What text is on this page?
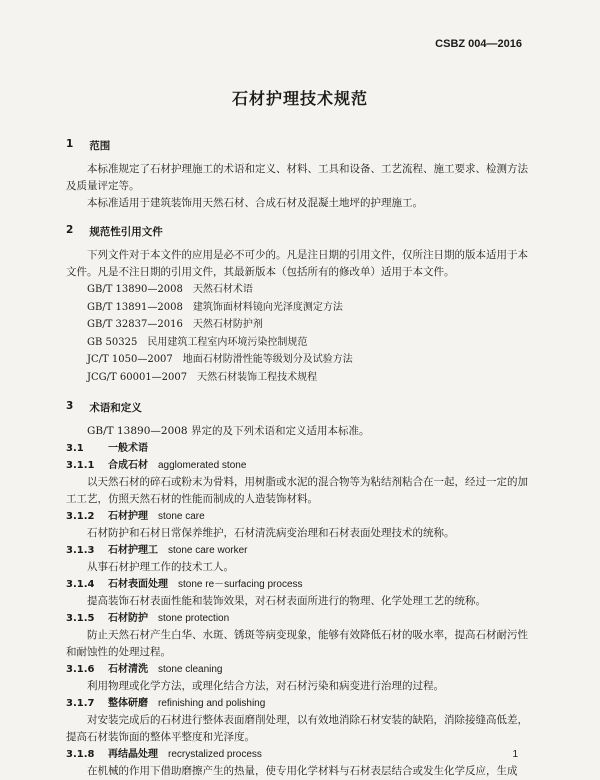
CSBZ 004—2016
石材护理技术规范
1 范围

本标准规定了石材护理施工的术语和定义、材料、工具和设备、工艺流程、施工要求、检测方法及质量评定等。

本标准适用于建筑装饰用天然石材、合成石材及混凝土地坪的护理施工。

2 规范性引用文件

下列文件对于本文件的应用是必不可少的。凡是注日期的引用文件，仅所注日期的版本适用于本文件。凡是不注日期的引用文件，其最新版本（包括所有的修改单）适用于本文件。

GB/T 13890—2008　天然石材术语
GB/T 13891—2008　建筑饰面材料镜向光泽度测定方法
GB/T 32837—2016　天然石材防护剂
GB 50325　民用建筑工程室内环境污染控制规范
JC/T 1050—2007　地面石材防滑性能等级划分及试验方法
JCG/T 60001—2007　天然石材装饰工程技术规程
3 术语和定义

GB/T 13890—2008 界定的及下列术语和定义适用本标准。

3.1 一般术语
3.1.1 合成石材 agglomerated stone

以天然石材的碎石或粉末为骨料，用树脂或水泥的混合物等为粘结剂粘合在一起，经过一定的加工工艺，仿照天然石材的性能而制成的人造装饰材料。

3.1.2 石材护理 stone care

石材防护和石材日常保养维护，石材清洗病变治理和石材表面处理技术的统称。

3.1.3 石材护理工 stone care worker

从事石材护理工作的技术工人。

3.1.4 石材表面处理 stone re－surfacing process

提高装饰石材表面性能和装饰效果，对石材表面所进行的物理、化学处理工艺的统称。

3.1.5 石材防护 stone protection

防止天然石材产生白华、水斑、锈斑等病变现象，能够有效降低石材的吸水率，提高石材耐污性和耐蚀性的处理过程。

3.1.6 石材清洗 stone cleaning

利用物理或化学方法，或理化结合方法，对石材污染和病变进行治理的过程。

3.1.7 整体研磨 refinishing and polishing

对安装完成后的石材进行整体表面磨削处理，以有效地消除石材安装的缺陷，消除接缝高低差，提高石材装饰面的整体平整度和光泽度。

3.1.8 再结晶处理 recrystalized process

在机械的作用下借助磨擦产生的热量，使专用化学材料与石材表层结合或发生化学反应，生成

1
